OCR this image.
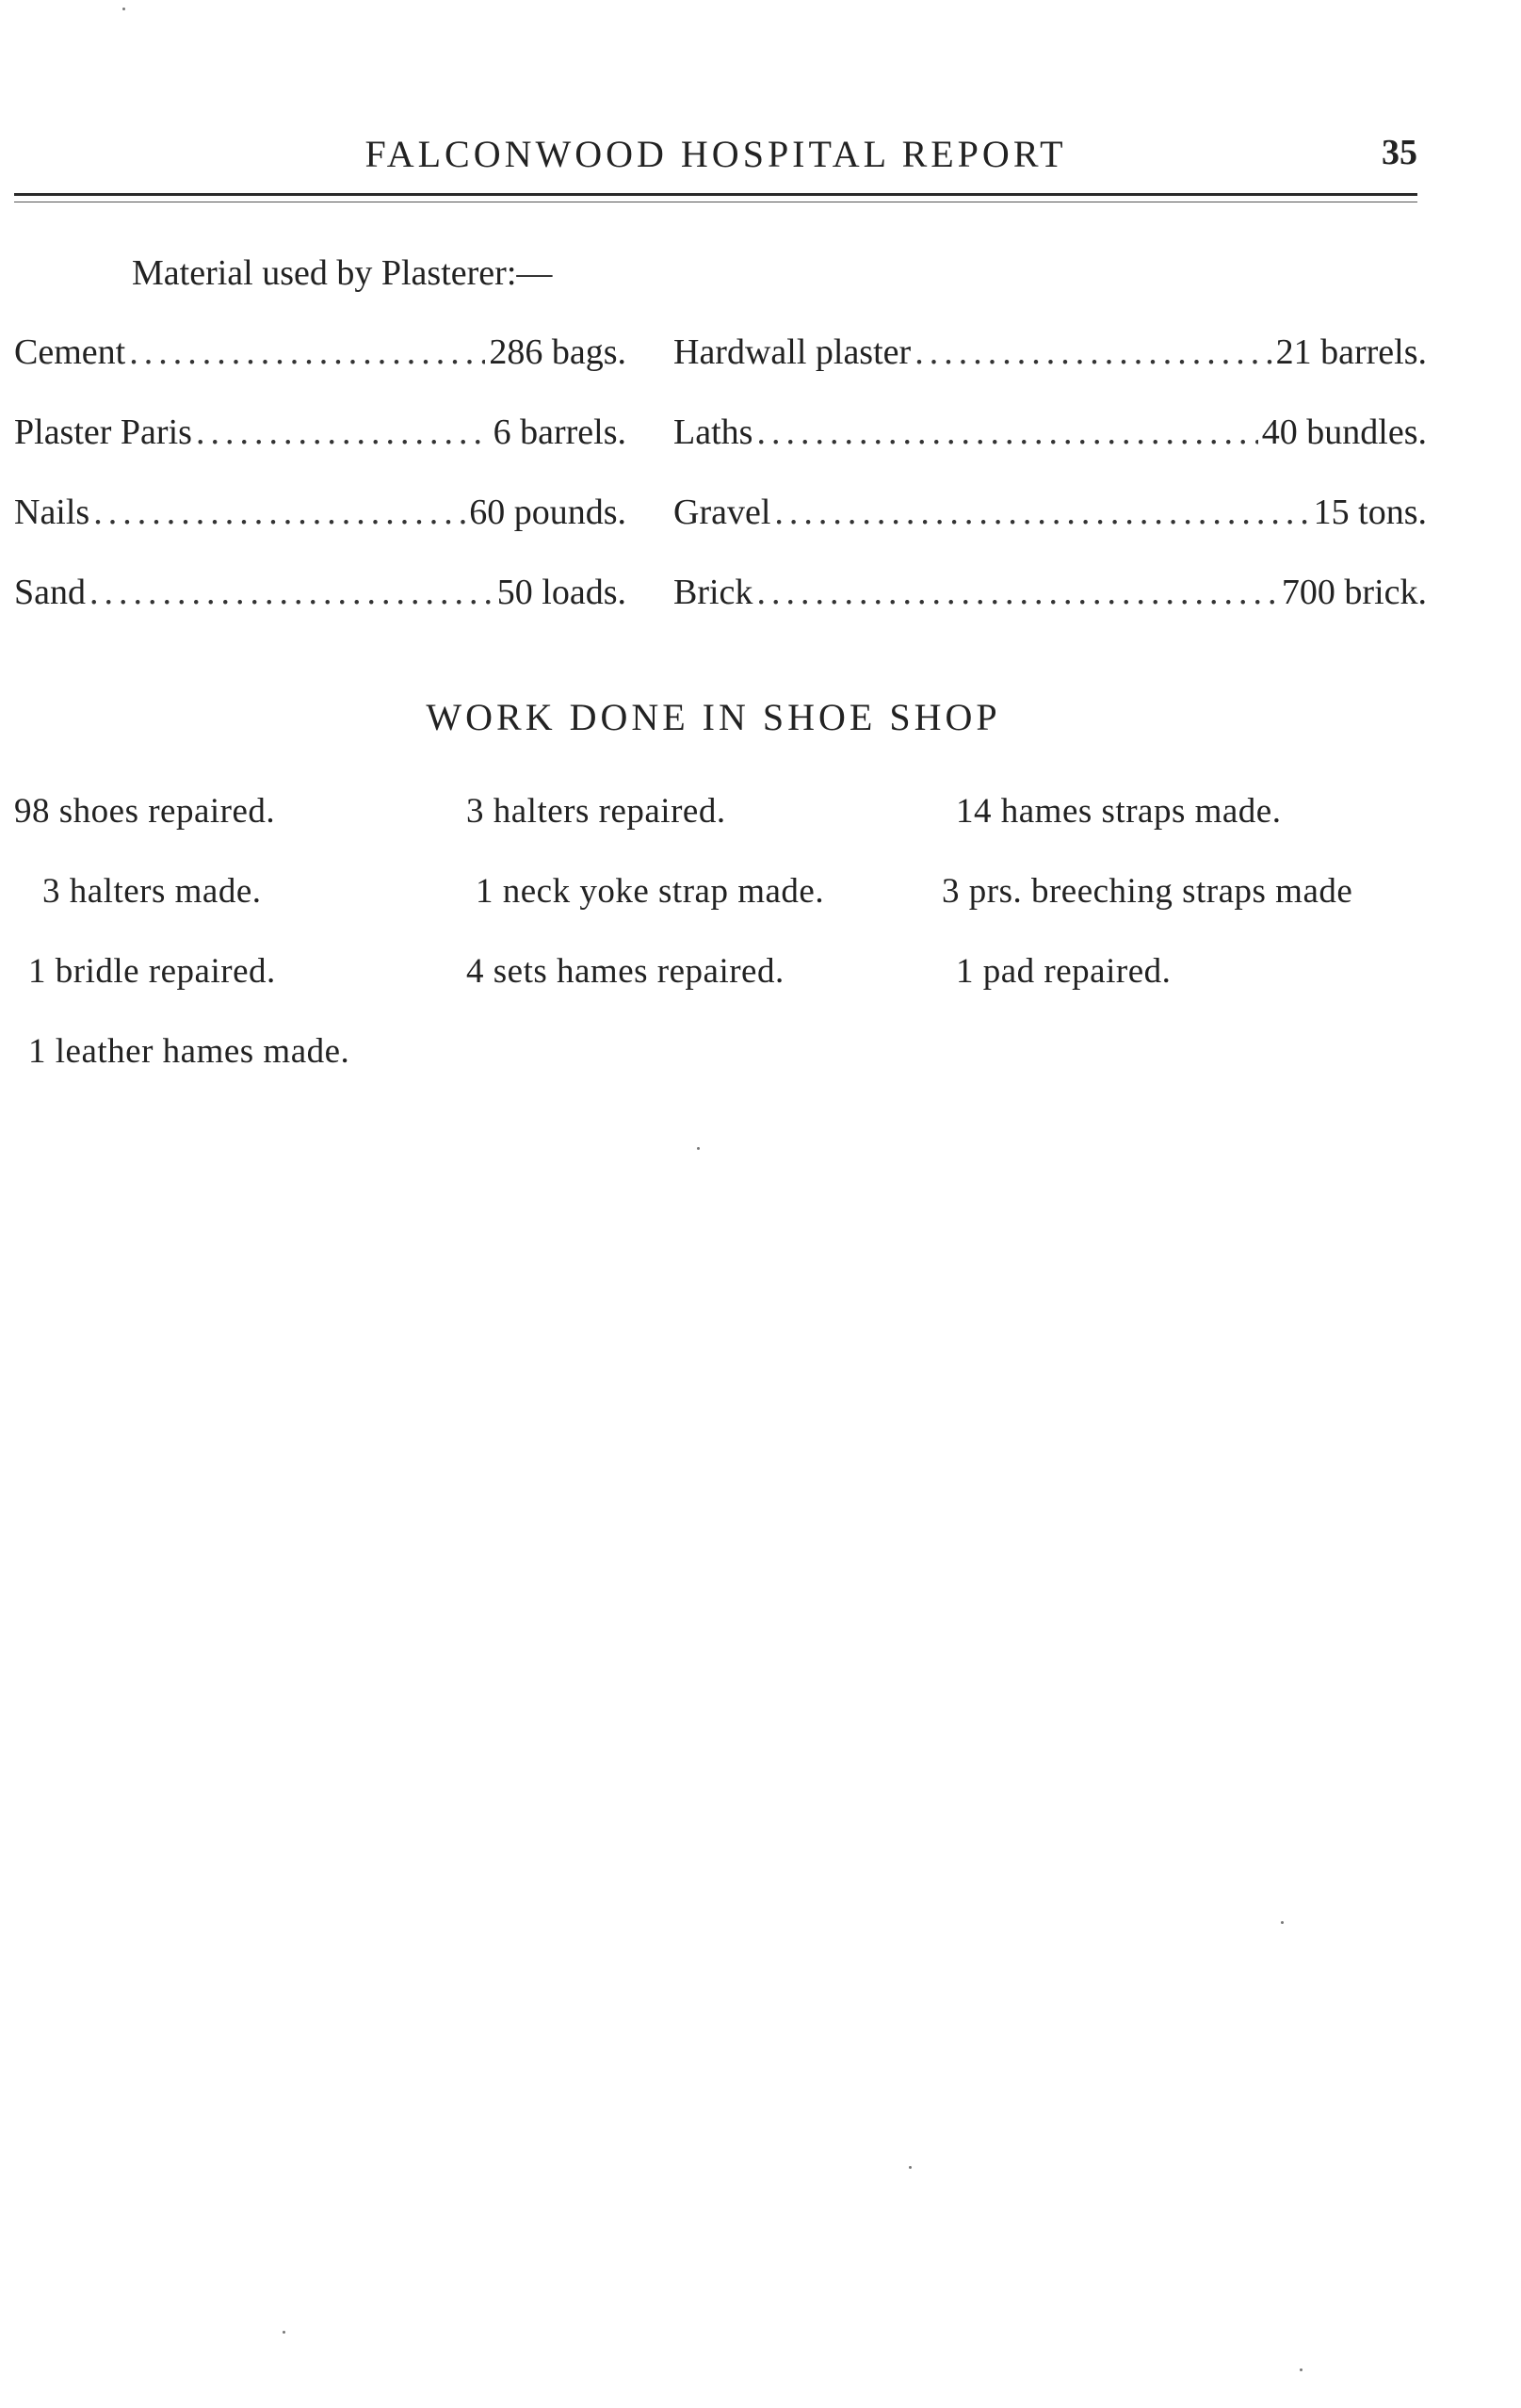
FALCONWOOD HOSPITAL REPORT	35
Material used by Plasterer:—
Cement .....	286 bags. Hardwall plaster .....	21 barrels.
Plaster Paris .....	6 barrels. Laths .....	40 bundles.
Nails .....	60 pounds. Gravel .....	15 tons.
Sand .....	50 loads. Brick .....	700 brick.
WORK DONE IN SHOE SHOP
98 shoes repaired.	3 halters repaired.	14 hames straps made.
3 halters made.	1 neck yoke strap made.	3 prs. breeching straps made
1 bridle repaired.	4 sets hames repaired.	1 pad repaired.
1 leather hames made.
